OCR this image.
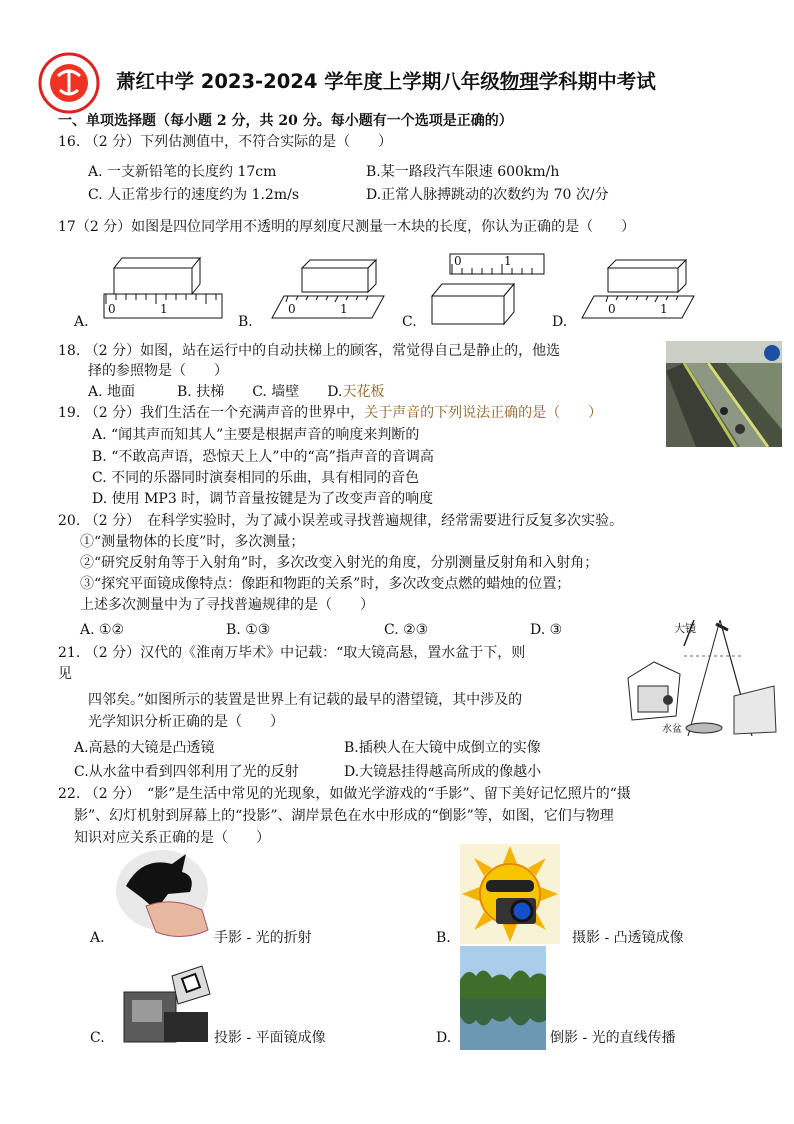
萧红中学 2023-2024 学年度上学期八年级物理学科期中考试
一、单项选择题（每小题 2 分，共 20 分。每小题有一个选项是正确的）
16. （2 分）下列估测值中，不符合实际的是（　　）
A. 一支新铅笔的长度约 17cm	B.某一路段汽车限速 600km/h
C. 人正常步行的速度约为 1.2m/s	D.正常人脉搏跳动的次数约为 70 次/分
17（2 分）如图是四位同学用不透明的厚刻度尺测量一木块的长度，你认为正确的是（　　）
0	1
A.
0	1
B.
0	1
C.
0	1
D.
18. （2 分）如图，站在运行中的自动扶梯上的顾客，常觉得自己是静止的，他选
择的参照物是（　　）
A. 地面　　　B. 扶梯　　C. 墙壁　　D.天花板
19. （2 分）我们生活在一个充满声音的世界中，关于声音的下列说法正确的是（　　）
A. “闻其声而知其人”主要是根据声音的响度来判断的
B. “不敢高声语，恐惊天上人”中的“高”指声音的音调高
C. 不同的乐器同时演奏相同的乐曲，具有相同的音色
D. 使用 MP3 时，调节音量按键是为了改变声音的响度
20. （2 分）　在科学实验时，为了减小误差或寻找普遍规律，经常需要进行反复多次实验。
①“测量物体的长度”时，多次测量；
②“研究反射角等于入射角”时，多次改变入射光的角度，分别测量反射角和入射角；
③“探究平面镜成像特点：像距和物距的关系”时，多次改变点燃的蜡烛的位置；
上述多次测量中为了寻找普遍规律的是（　　）
A. ①②	B. ①③	C. ②③	D. ③
21. （2 分）汉代的《淮南万毕术》中记载：“取大镜高悬，置水盆于下，则
见
四邻矣。”如图所示的装置是世界上有记载的最早的潜望镜，其中涉及的
光学知识分析正确的是（　　）
A.高悬的大镜是凸透镜	B.插秧人在大镜中成倒立的实像
C.从水盆中看到四邻利用了光的反射	D.大镜悬挂得越高所成的像越小
大镜
水盆
22. （2 分）　“影”是生活中常见的光现象，如做光学游戏的“手影”、留下美好记忆照片的“摄
影”、幻灯机射到屏幕上的“投影”、湖岸景色在水中形成的“倒影”等，如图，它们与物理
知识对应关系正确的是（　　）
A.	手影 - 光的折射	B.	摄影 - 凸透镜成像
C.	投影 - 平面镜成像	D.	倒影 - 光的直线传播
